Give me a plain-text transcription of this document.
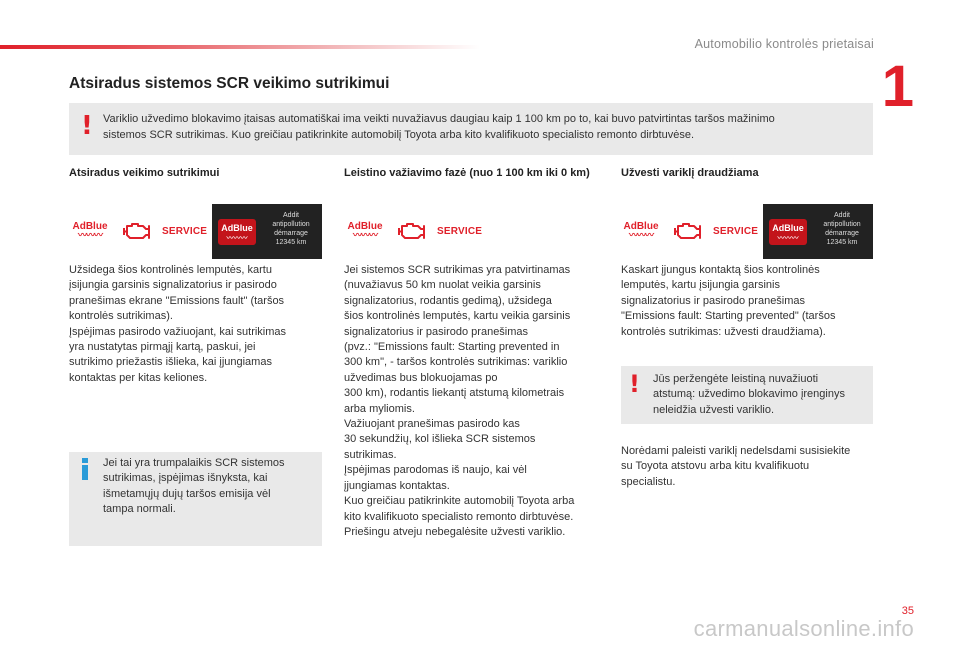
Automobilio kontrolės prietaisai
1
Atsiradus sistemos SCR veikimo sutrikimui
! Variklio užvedimo blokavimo įtaisas automatiškai ima veikti nuvažiavus daugiau kaip 1 100 km po to, kai buvo patvirtintas taršos mažinimo
sistemos SCR sutrikimas. Kuo greičiau patikrinkite automobilį Toyota arba kito kvalifikuoto specialisto remonto dirbtuvėse.
Atsiradus veikimo sutrikimui	Leistino važiavimo fazė (nuo 1 100 km iki 0 km)	Užvesti variklį draudžiama
AdBlue
〰〰〰	SERVICE	AdBlue
〰〰〰
Addit
antipollution
démarrage
12345 km
AdBlue
〰〰〰	SERVICE	AdBlue
〰〰〰	SERVICE	AdBlue
〰〰〰
Addit
antipollution
démarrage
12345 km
Užsidega šios kontrolinės lemputės, kartu
įsijungia garsinis signalizatorius ir pasirodo
pranešimas ekrane "Emissions fault" (taršos
kontrolės sutrikimas).
Įspėjimas pasirodo važiuojant, kai sutrikimas
yra nustatytas pirmąjį kartą, paskui, jei
sutrikimo priežastis išlieka, kai įjungiamas
kontaktas per kitas keliones.
Jei tai yra trumpalaikis SCR sistemos
sutrikimas, įspėjimas išnyksta, kai
išmetamųjų dujų taršos emisija vėl
tampa normali.
Jei sistemos SCR sutrikimas yra patvirtinamas
(nuvažiavus 50 km nuolat veikia garsinis
signalizatorius, rodantis gedimą), užsidega
šios kontrolinės lemputės, kartu veikia garsinis
signalizatorius ir pasirodo pranešimas
(pvz.: "Emissions fault: Starting prevented in
300 km", - taršos kontrolės sutrikimas: variklio
užvedimas bus blokuojamas po
300 km), rodantis liekantį atstumą kilometrais
arba myliomis.
Važiuojant pranešimas pasirodo kas
30 sekundžių, kol išlieka SCR sistemos
sutrikimas.
Įspėjimas parodomas iš naujo, kai vėl
įjungiamas kontaktas.
Kuo greičiau patikrinkite automobilį Toyota arba
kito kvalifikuoto specialisto remonto dirbtuvėse.
Priešingu atveju nebegalėsite užvesti variklio.
Kaskart įjungus kontaktą šios kontrolinės
lemputės, kartu įsijungia garsinis
signalizatorius ir pasirodo pranešimas
"Emissions fault: Starting prevented" (taršos
kontrolės sutrikimas: užvesti draudžiama).
! Jūs peržengėte leistiną nuvažiuoti
atstumą: užvedimo blokavimo įrenginys
neleidžia užvesti variklio.
Norėdami paleisti variklį nedelsdami susisiekite
su Toyota atstovu arba kitu kvalifikuotu
specialistu.
35
carmanualsonline.info
